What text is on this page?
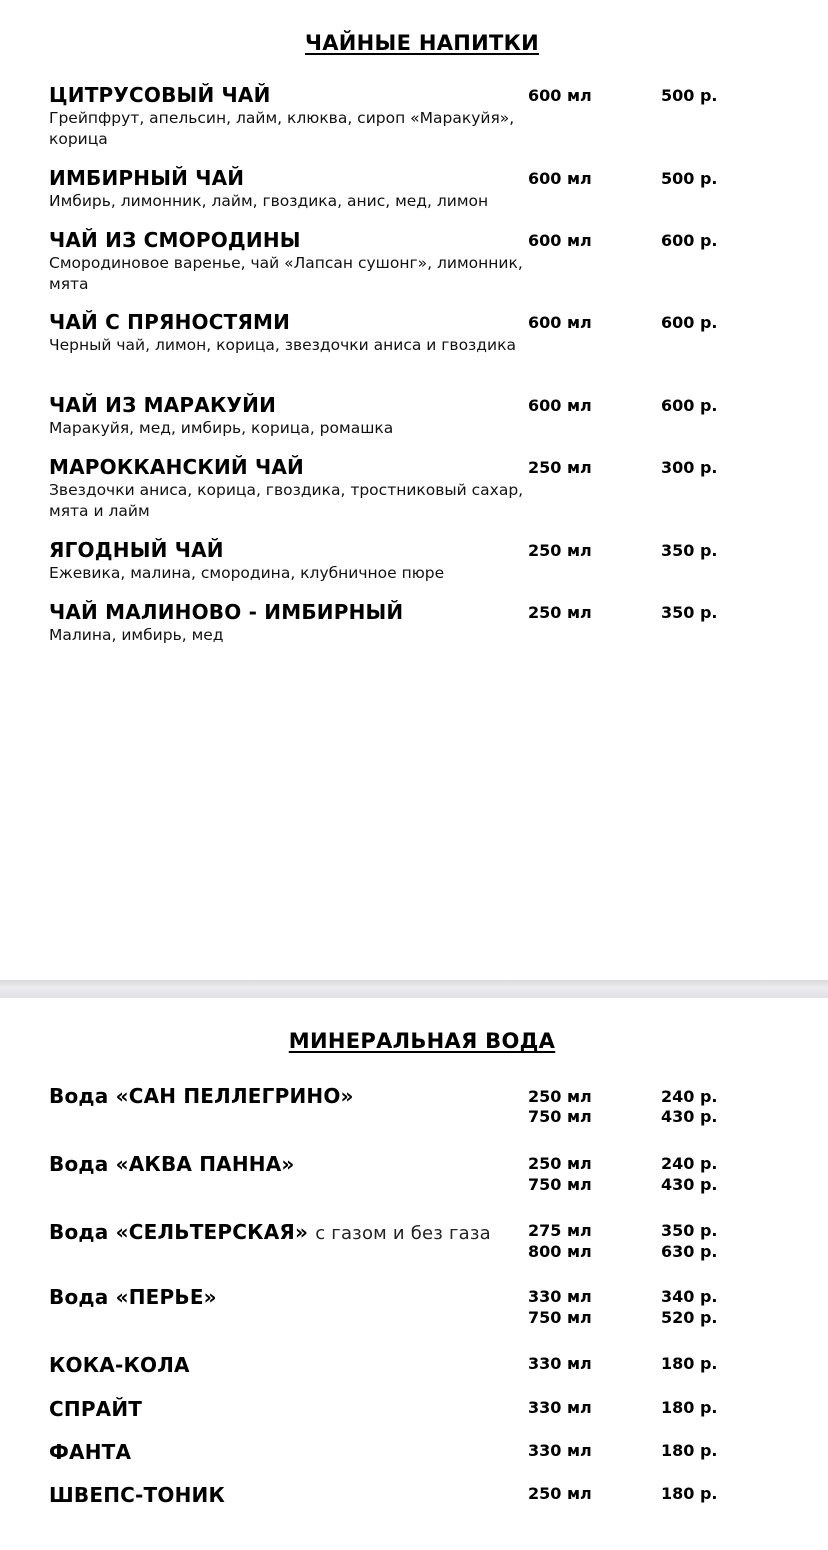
ЧАЙНЫЕ НАПИТКИ
ЦИТРУСОВЫЙ ЧАЙ
Грейпфрут, апельсин, лайм, клюква, сироп «Маракуйя», корица
600 мл	500 р.
ИМБИРНЫЙ ЧАЙ
Имбирь, лимонник, лайм, гвоздика, анис, мед, лимон
600 мл	500 р.
ЧАЙ ИЗ СМОРОДИНЫ
Смородиновое варенье, чай «Лапсан сушонг», лимонник, мята
600 мл	600 р.
ЧАЙ С ПРЯНОСТЯМИ
Черный чай, лимон, корица, звездочки аниса и гвоздика
600 мл	600 р.
ЧАЙ ИЗ МАРАКУЙИ
Маракуйя, мед, имбирь, корица, ромашка
600 мл	600 р.
МАРОККАНСКИЙ ЧАЙ
Звездочки аниса, корица, гвоздика, тростниковый сахар, мята и лайм
250 мл	300 р.
ЯГОДНЫЙ ЧАЙ
Ежевика, малина, смородина, клубничное пюре
250 мл	350 р.
ЧАЙ МАЛИНОВО - ИМБИРНЫЙ
Малина, имбирь, мед
250 мл	350 р.
МИНЕРАЛЬНАЯ ВОДА
Вода «САН ПЕЛЛЕГРИНО»	250 мл	240 р.
750 мл	430 р.
Вода «АКВА ПАННА»	250 мл	240 р.
750 мл	430 р.
Вода «СЕЛЬТЕРСКАЯ» с газом и без газа	275 мл	350 р.
800 мл	630 р.
Вода «ПЕРЬЕ»	330 мл	340 р.
750 мл	520 р.
КОКА-КОЛА	330 мл	180 р.
СПРАЙТ	330 мл	180 р.
ФАНТА	330 мл	180 р.
ШВЕПС-ТОНИК	250 мл	180 р.
